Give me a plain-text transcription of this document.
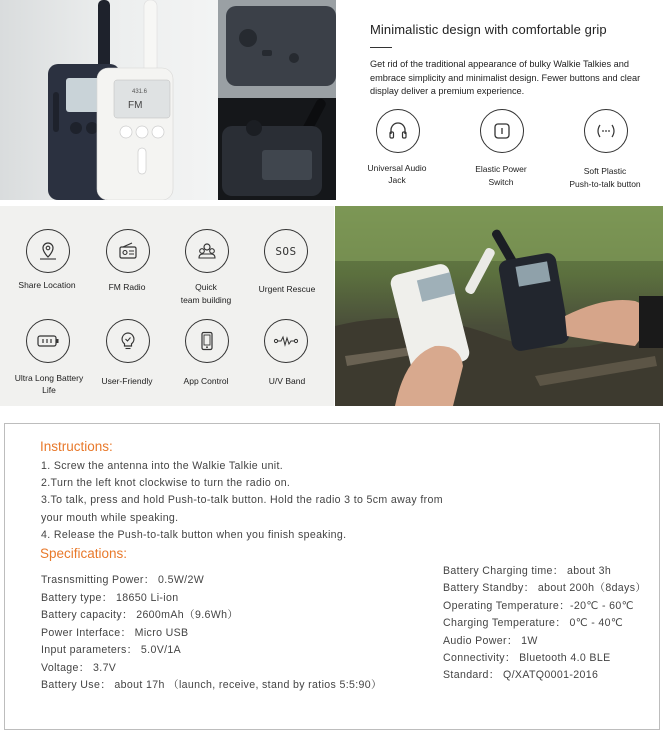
431.6
FM
Minimalistic design with comfortable grip
Get rid of the traditional appearance of bulky Walkie Talkies and embrace simplicity and minimalist design. Fewer buttons and clear display deliver a premium experience.
Universal Audio
Jack
Elastic Power
Switch
Soft Plastic
Push-to-talk button
Share Location	FM Radio	Quick
team building
SOS
Urgent Rescue
Ultra Long Battery
Life
User-Friendly	App Control	U/V Band
Instructions:
1. Screw the antenna into the Walkie Talkie unit.
2.Turn the left knot clockwise to turn the radio on.
3.To talk, press and hold Push-to-talk button. Hold the radio 3 to 5cm away from
your mouth while speaking.
4. Release the Push-to-talk button when you finish speaking.
Specifications:
Trasnsmitting Power： 0.5W/2W
Battery type： 18650 Li-ion
Battery capacity： 2600mAh（9.6Wh）
Power Interface： Micro USB
Input parameters： 5.0V/1A
Voltage： 3.7V
Battery Use： about 17h （launch, receive, stand by ratios 5:5:90）
Battery Charging time： about 3h
Battery Standby： about 200h（8days）
Operating Temperature：-20℃ - 60℃
Charging Temperature： 0℃ - 40℃
Audio Power： 1W
Connectivity： Bluetooth 4.0 BLE
Standard： Q/XATQ0001-2016
